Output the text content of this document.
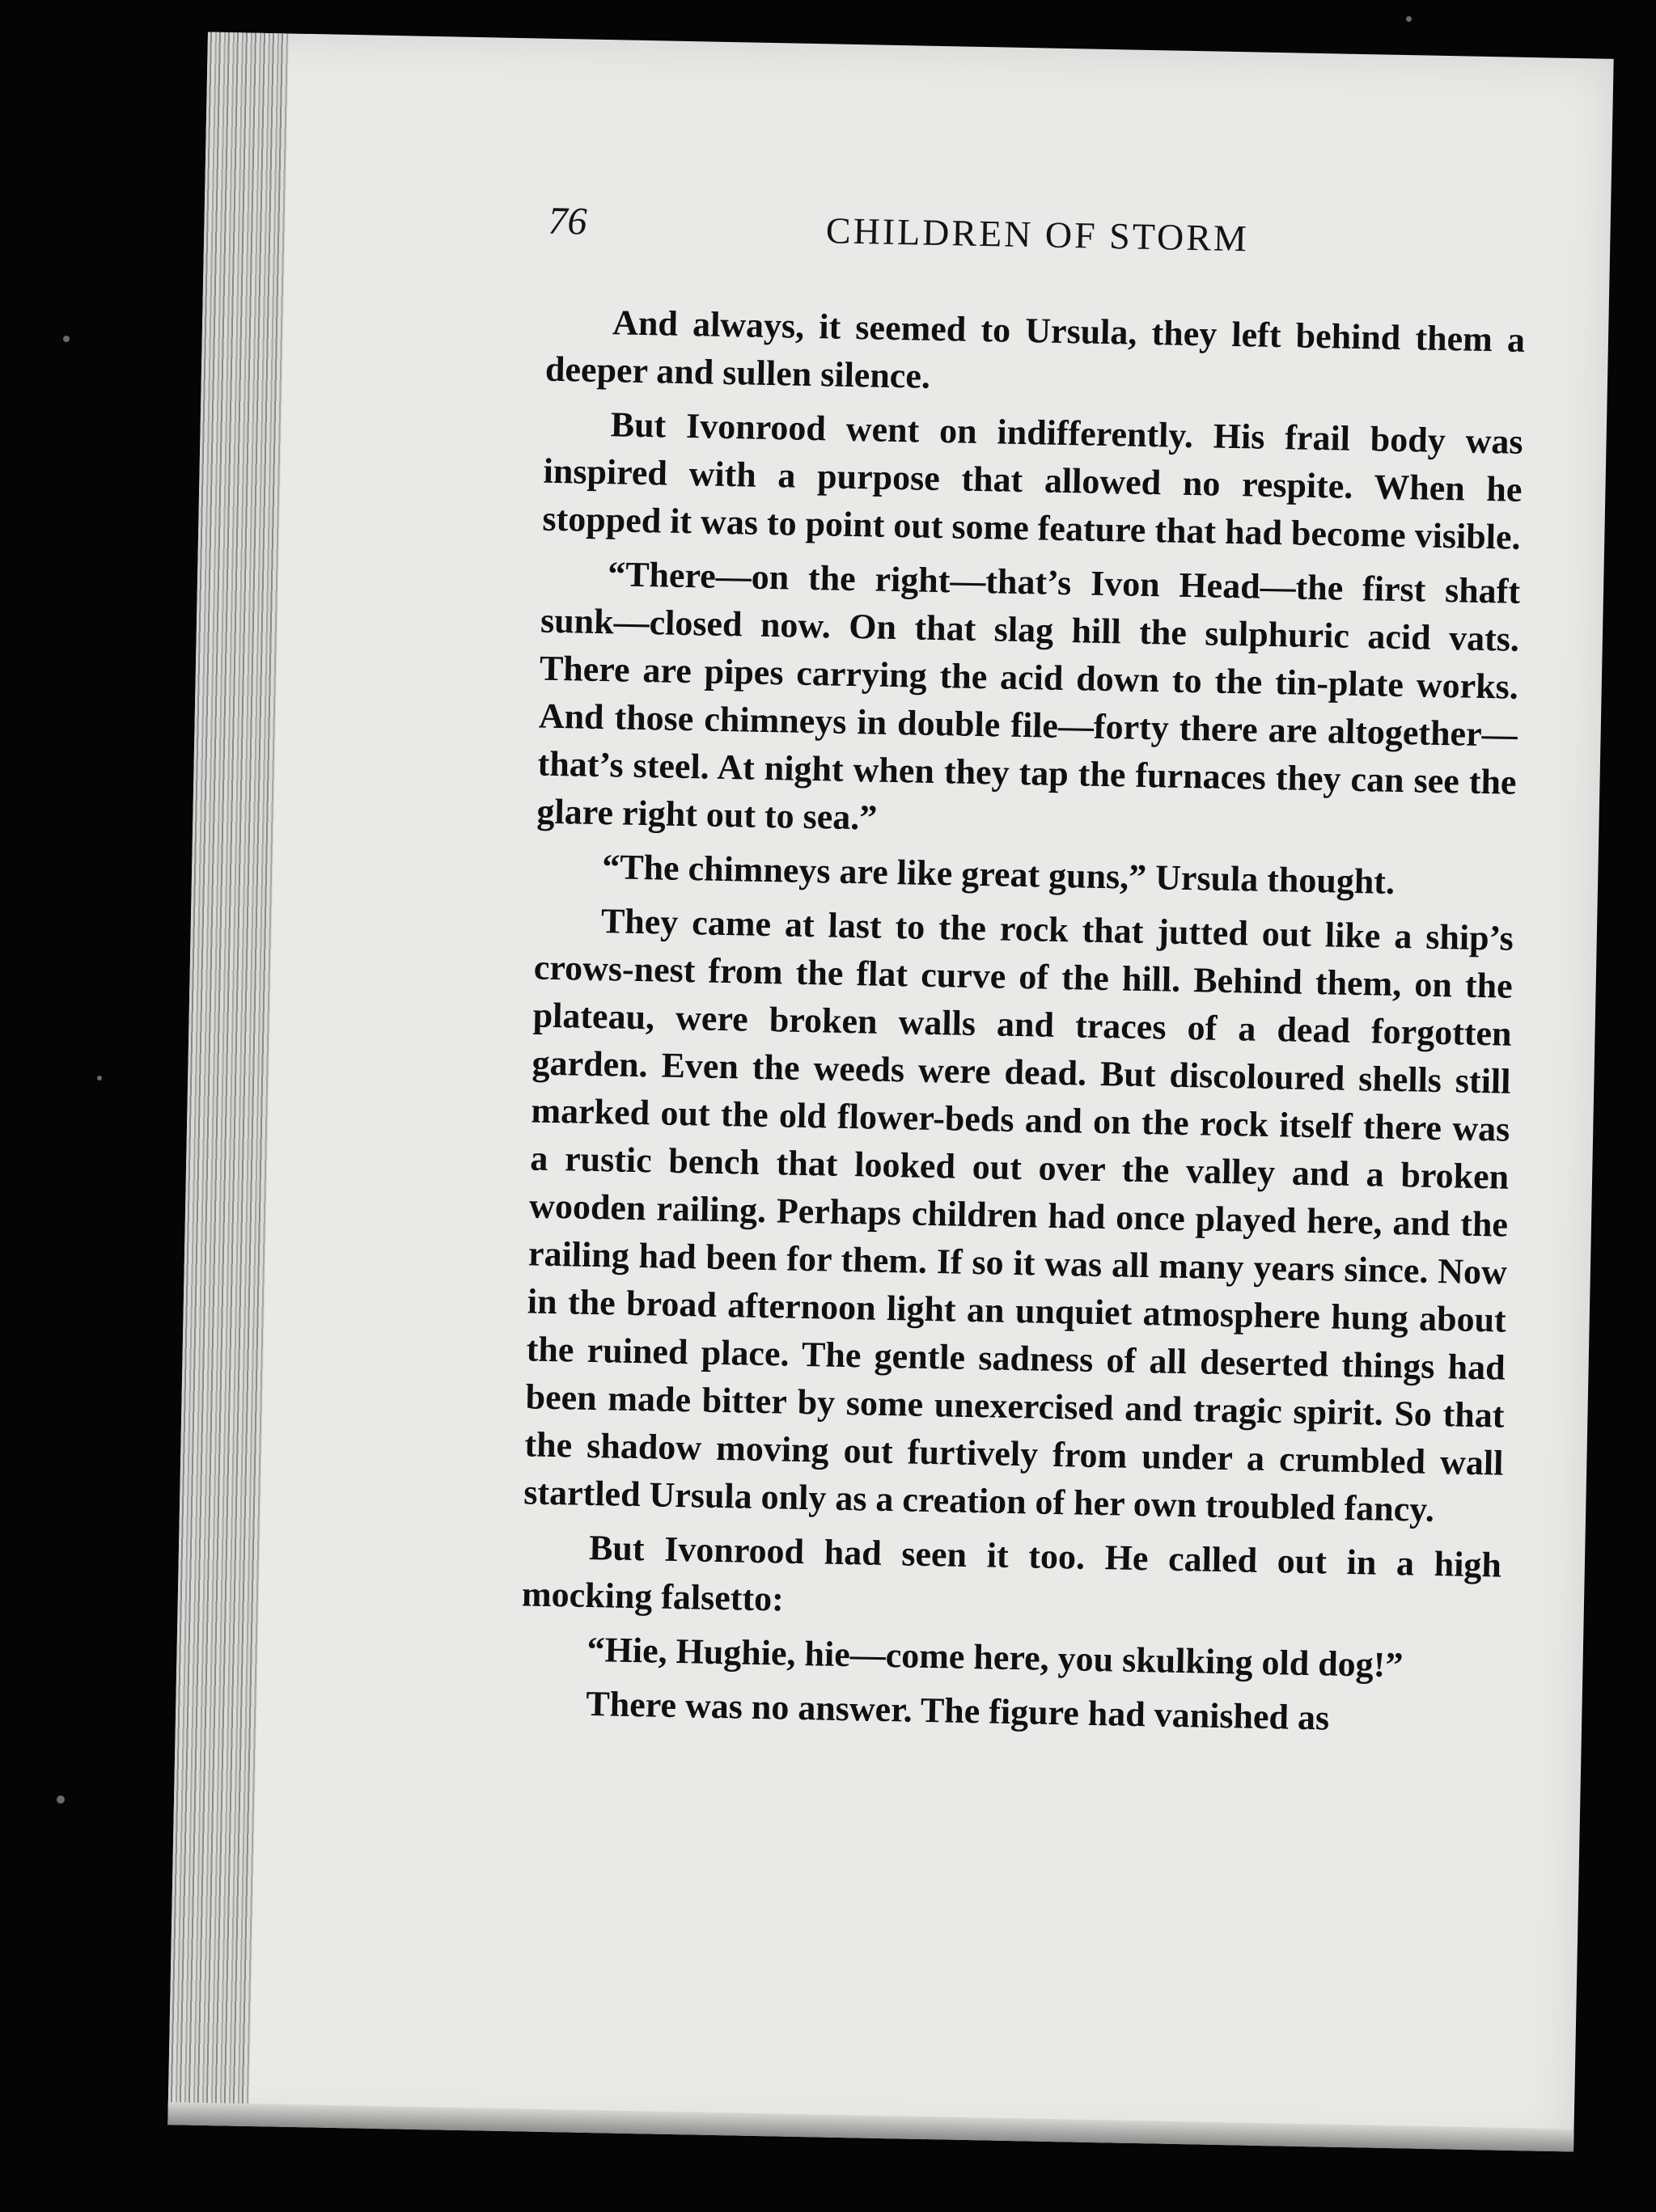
76	CHILDREN OF STORM

And always, it seemed to Ursula, they left behind them a deeper and sullen silence.

But Ivonrood went on indifferently. His frail body was inspired with a purpose that allowed no respite. When he stopped it was to point out some feature that had become visible.

“There—on the right—that’s Ivon Head—the first shaft sunk—closed now. On that slag hill the sulphuric acid vats. There are pipes carrying the acid down to the tin-plate works. And those chimneys in double file—forty there are altogether—that’s steel. At night when they tap the furnaces they can see the glare right out to sea.”

“The chimneys are like great guns,” Ursula thought.

They came at last to the rock that jutted out like a ship’s crows-nest from the flat curve of the hill. Behind them, on the plateau, were broken walls and traces of a dead forgotten garden. Even the weeds were dead. But discoloured shells still marked out the old flower-beds and on the rock itself there was a rustic bench that looked out over the valley and a broken wooden railing. Perhaps children had once played here, and the railing had been for them. If so it was all many years since. Now in the broad afternoon light an unquiet atmosphere hung about the ruined place. The gentle sadness of all deserted things had been made bitter by some unexercised and tragic spirit. So that the shadow moving out furtively from under a crumbled wall startled Ursula only as a creation of her own troubled fancy.

But Ivonrood had seen it too. He called out in a high mocking falsetto:

“Hie, Hughie, hie—come here, you skulking old dog!”

There was no answer. The figure had vanished as
